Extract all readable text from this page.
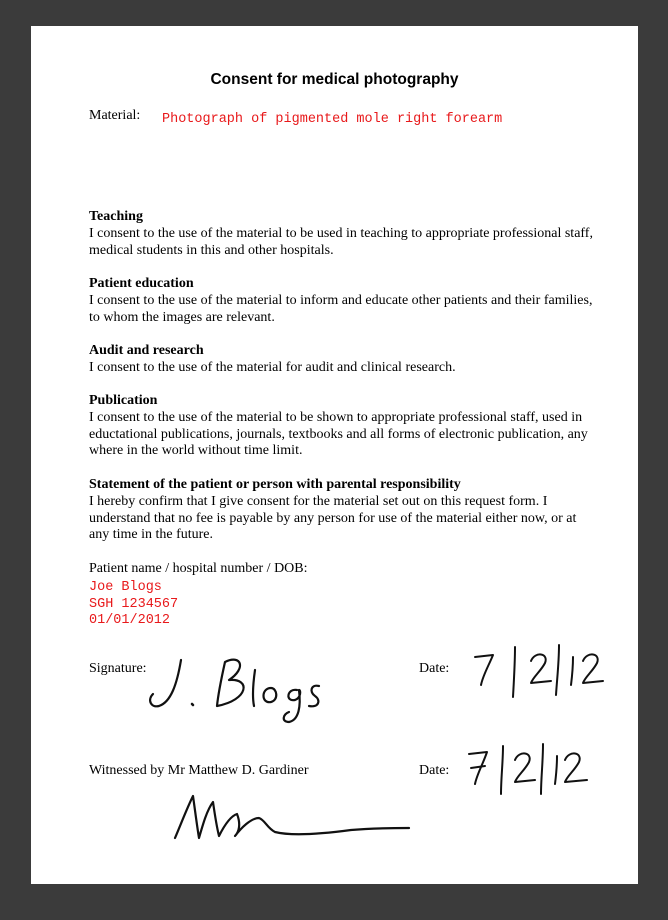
Consent for medical photography
Material: Photograph of pigmented mole right forearm
Teaching

I consent to the use of the material to be used in teaching to appropriate professional staff, medical students in this and other hospitals.

Patient education

I consent to the use of the material to inform and educate other patients and their families, to whom the images are relevant.

Audit and research

I consent to the use of the material for audit and clinical research.

Publication

I consent to the use of the material to be shown to appropriate professional staff, used in eductational publications, journals, textbooks and all forms of electronic publication, any where in the world without time limit.

Statement of the patient or person with parental responsibility

I hereby confirm that I give consent for the material set out on this request form. I understand that no fee is payable by any person for use of the material either now, or at any time in the future.

Patient name / hospital number / DOB:
Joe Blogs
SGH 1234567
01/01/2012
Signature:	Date:
Witnessed by Mr Matthew D. Gardiner	Date:
